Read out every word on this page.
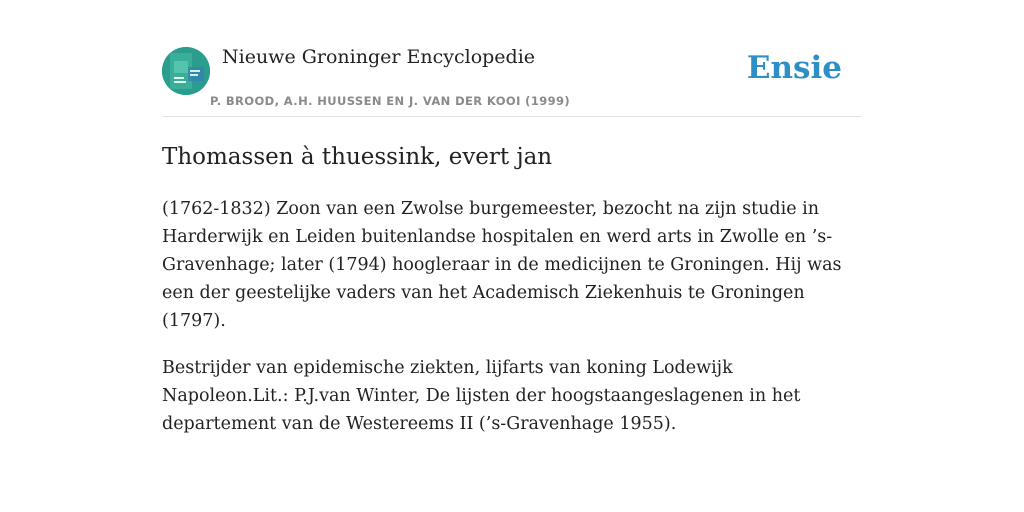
Nieuwe Groninger Encyclopedie
P. BROOD, A.H. HUUSSEN EN J. VAN DER KOOI (1999)
Ensie
Thomassen à thuessink, evert jan

(1762-1832) Zoon van een Zwolse burgemeester, bezocht na zijn studie in Harderwijk en Leiden buitenlandse hospitalen en werd arts in Zwolle en ’s-Gravenhage; later (1794) hoogleraar in de medicijnen te Groningen. Hij was een der geestelijke vaders van het Academisch Ziekenhuis te Groningen (1797).

Bestrijder van epidemische ziekten, lijfarts van koning Lodewijk Napoleon.Lit.: P.J.van Winter, De lijsten der hoogstaangeslagenen in het departement van de Westereems II (’s-Gravenhage 1955).
